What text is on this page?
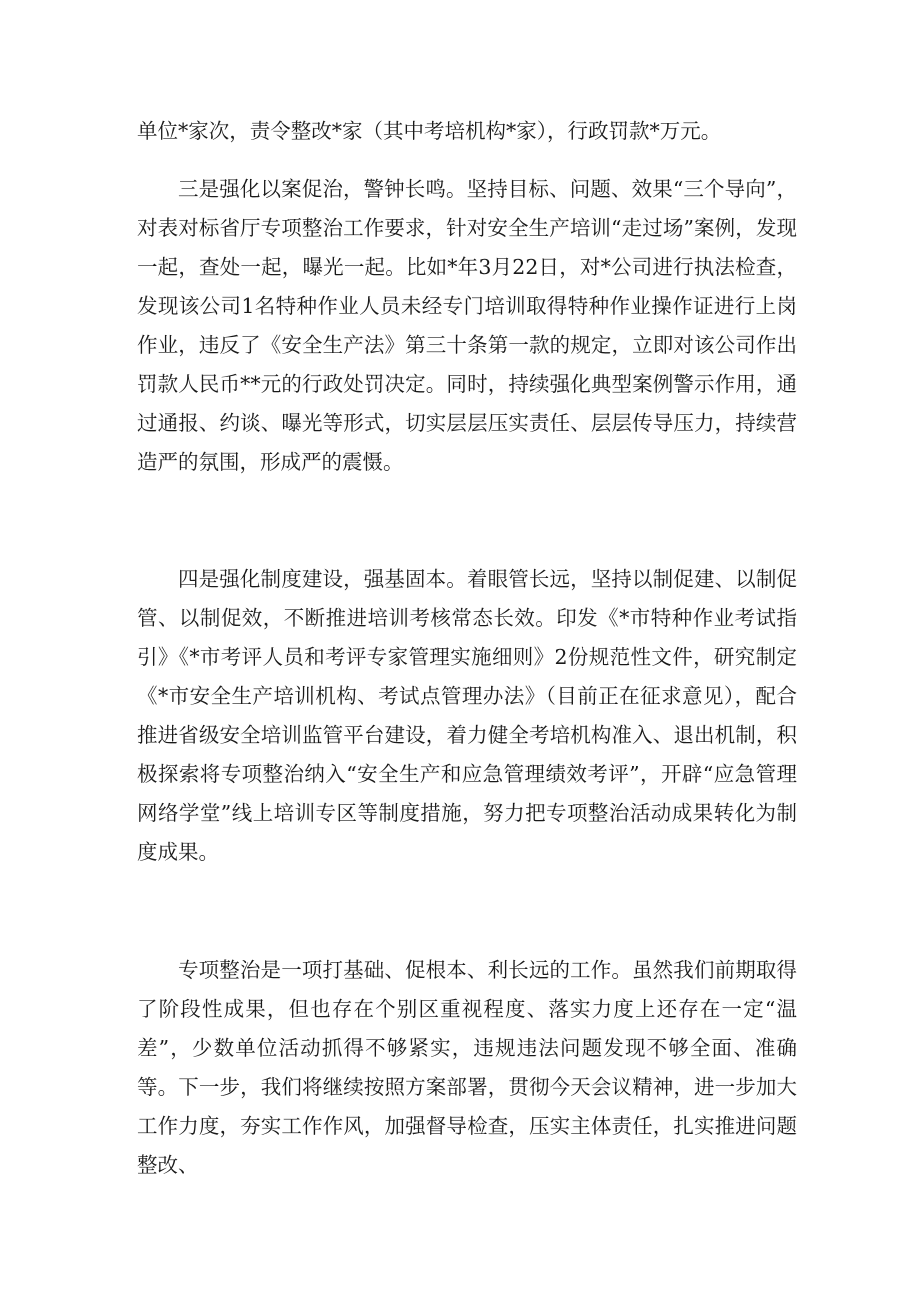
单位*家次，责令整改*家（其中考培机构*家），行政罚款*万元。

三是强化以案促治，警钟长鸣。坚持目标、问题、效果“三个导向”，对表对标省厅专项整治工作要求，针对安全生产培训“走过场”案例，发现一起，查处一起，曝光一起。比如*年3月22日，对*公司进行执法检查，发现该公司1名特种作业人员未经专门培训取得特种作业操作证进行上岗作业，违反了《安全生产法》第三十条第一款的规定，立即对该公司作出罚款人民币**元的行政处罚决定。同时，持续强化典型案例警示作用，通过通报、约谈、曝光等形式，切实层层压实责任、层层传导压力，持续营造严的氛围，形成严的震慑。

四是强化制度建设，强基固本。着眼管长远，坚持以制促建、以制促管、以制促效，不断推进培训考核常态长效。印发《*市特种作业考试指引》《*市考评人员和考评专家管理实施细则》2份规范性文件，研究制定《*市安全生产培训机构、考试点管理办法》（目前正在征求意见），配合推进省级安全培训监管平台建设，着力健全考培机构准入、退出机制，积极探索将专项整治纳入“安全生产和应急管理绩效考评”，开辟“应急管理网络学堂”线上培训专区等制度措施，努力把专项整治活动成果转化为制度成果。

专项整治是一项打基础、促根本、利长远的工作。虽然我们前期取得了阶段性成果，但也存在个别区重视程度、落实力度上还存在一定“温差”，少数单位活动抓得不够紧实，违规违法问题发现不够全面、准确等。下一步，我们将继续按照方案部署，贯彻今天会议精神，进一步加大工作力度，夯实工作作风，加强督导检查，压实主体责任，扎实推进问题整改、
